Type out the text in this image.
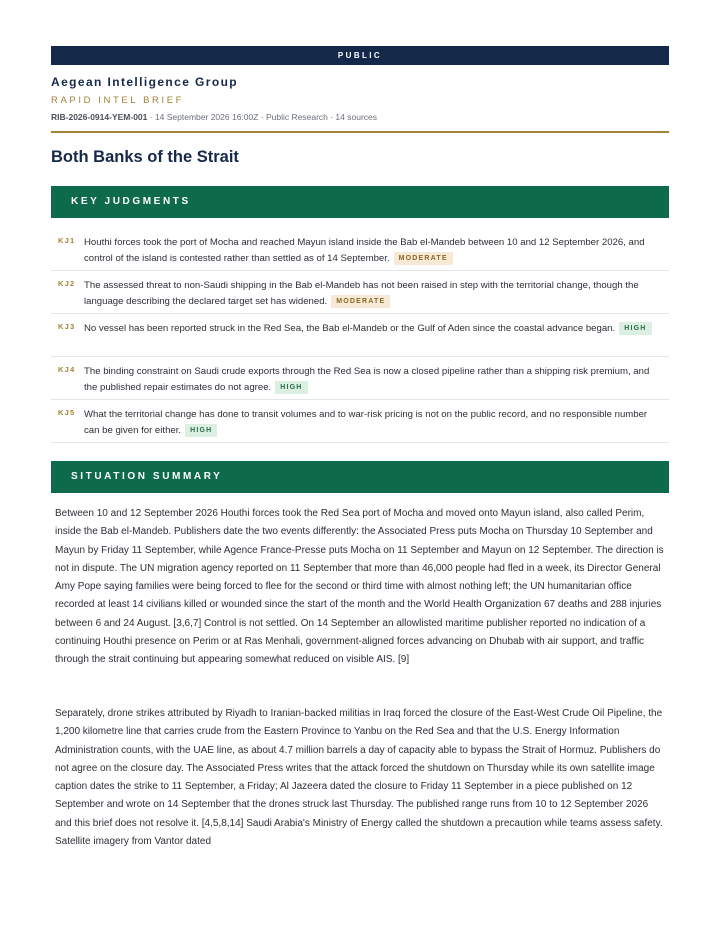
PUBLIC
Aegean Intelligence Group
RAPID INTEL BRIEF
RIB-2026-0914-YEM-001 · 14 September 2026 16:00Z · Public Research · 14 sources
Both Banks of the Strait
KEY JUDGMENTS
KJ1 Houthi forces took the port of Mocha and reached Mayun island inside the Bab el-Mandeb between 10 and 12 September 2026, and control of the island is contested rather than settled as of 14 September. MODERATE
KJ2 The assessed threat to non-Saudi shipping in the Bab el-Mandeb has not been raised in step with the territorial change, though the language describing the declared target set has widened. MODERATE
KJ3 No vessel has been reported struck in the Red Sea, the Bab el-Mandeb or the Gulf of Aden since the coastal advance began. HIGH
KJ4 The binding constraint on Saudi crude exports through the Red Sea is now a closed pipeline rather than a shipping risk premium, and the published repair estimates do not agree. HIGH
KJ5 What the territorial change has done to transit volumes and to war-risk pricing is not on the public record, and no responsible number can be given for either. HIGH
SITUATION SUMMARY

Between 10 and 12 September 2026 Houthi forces took the Red Sea port of Mocha and moved onto Mayun island, also called Perim, inside the Bab el-Mandeb. Publishers date the two events differently: the Associated Press puts Mocha on Thursday 10 September and Mayun by Friday 11 September, while Agence France-Presse puts Mocha on 11 September and Mayun on 12 September. The direction is not in dispute. The UN migration agency reported on 11 September that more than 46,000 people had fled in a week, its Director General Amy Pope saying families were being forced to flee for the second or third time with almost nothing left; the UN humanitarian office recorded at least 14 civilians killed or wounded since the start of the month and the World Health Organization 67 deaths and 288 injuries between 6 and 24 August. [3,6,7] Control is not settled. On 14 September an allowlisted maritime publisher reported no indication of a continuing Houthi presence on Perim or at Ras Menhali, government-aligned forces advancing on Dhubab with air support, and traffic through the strait continuing but appearing somewhat reduced on visible AIS. [9]

Separately, drone strikes attributed by Riyadh to Iranian-backed militias in Iraq forced the closure of the East-West Crude Oil Pipeline, the 1,200 kilometre line that carries crude from the Eastern Province to Yanbu on the Red Sea and that the U.S. Energy Information Administration counts, with the UAE line, as about 4.7 million barrels a day of capacity able to bypass the Strait of Hormuz. Publishers do not agree on the closure day. The Associated Press writes that the attack forced the shutdown on Thursday while its own satellite image caption dates the strike to 11 September, a Friday; Al Jazeera dated the closure to Friday 11 September in a piece published on 12 September and wrote on 14 September that the drones struck last Thursday. The published range runs from 10 to 12 September 2026 and this brief does not resolve it. [4,5,8,14] Saudi Arabia's Ministry of Energy called the shutdown a precaution while teams assess safety. Satellite imagery from Vantor dated
